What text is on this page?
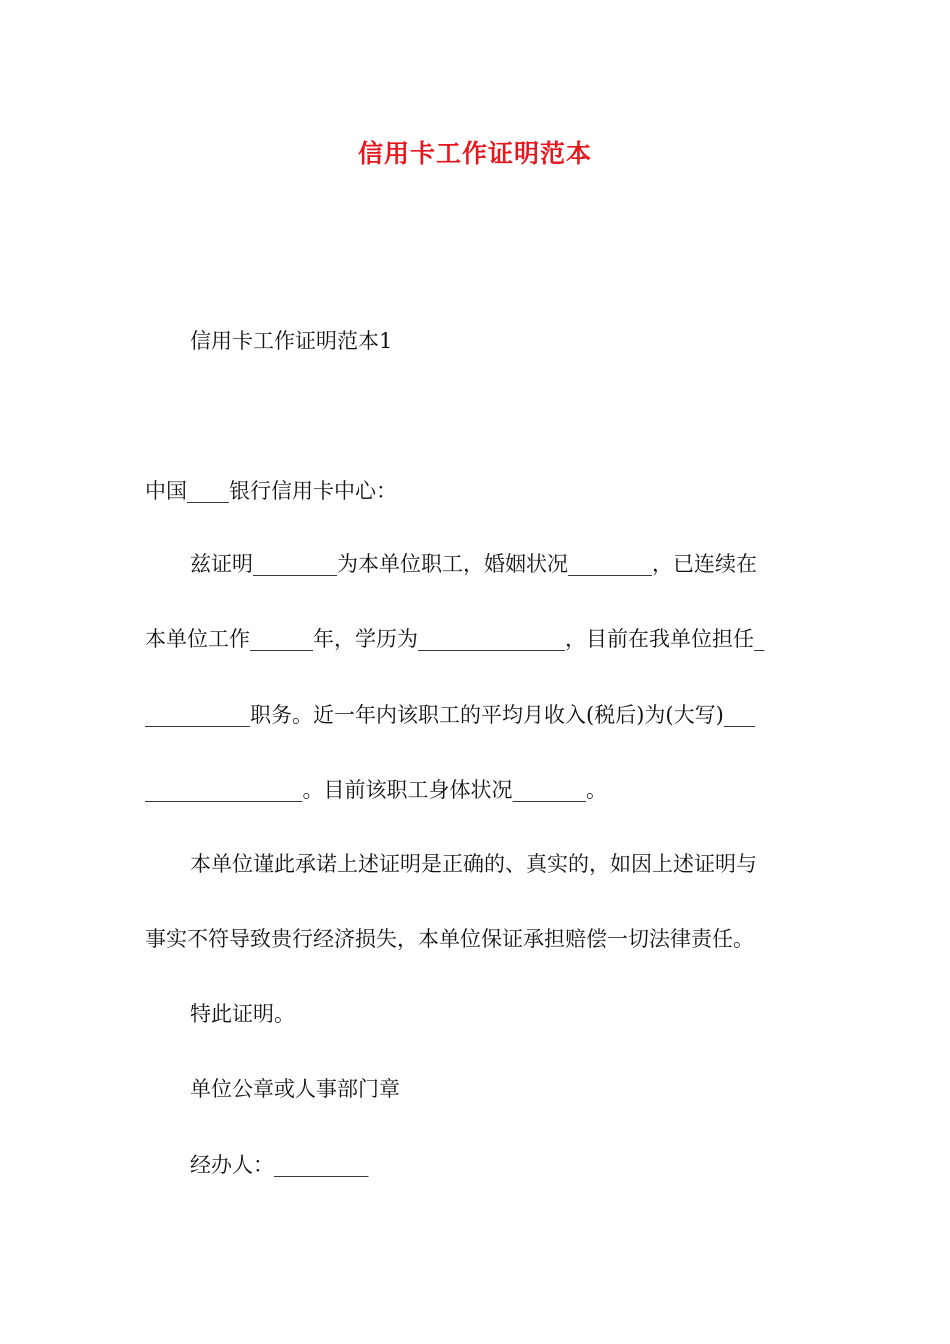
信用卡工作证明范本
信用卡工作证明范本1
中国____银行信用卡中心：
兹证明________为本单位职工，婚姻状况________，已连续在
本单位工作______年，学历为______________，目前在我单位担任_
__________职务。近一年内该职工的平均月收入(税后)为(大写)___
_______________。目前该职工身体状况_______。
本单位谨此承诺上述证明是正确的、真实的，如因上述证明与
事实不符导致贵行经济损失，本单位保证承担赔偿一切法律责任。
特此证明。
单位公章或人事部门章
经办人：_________
